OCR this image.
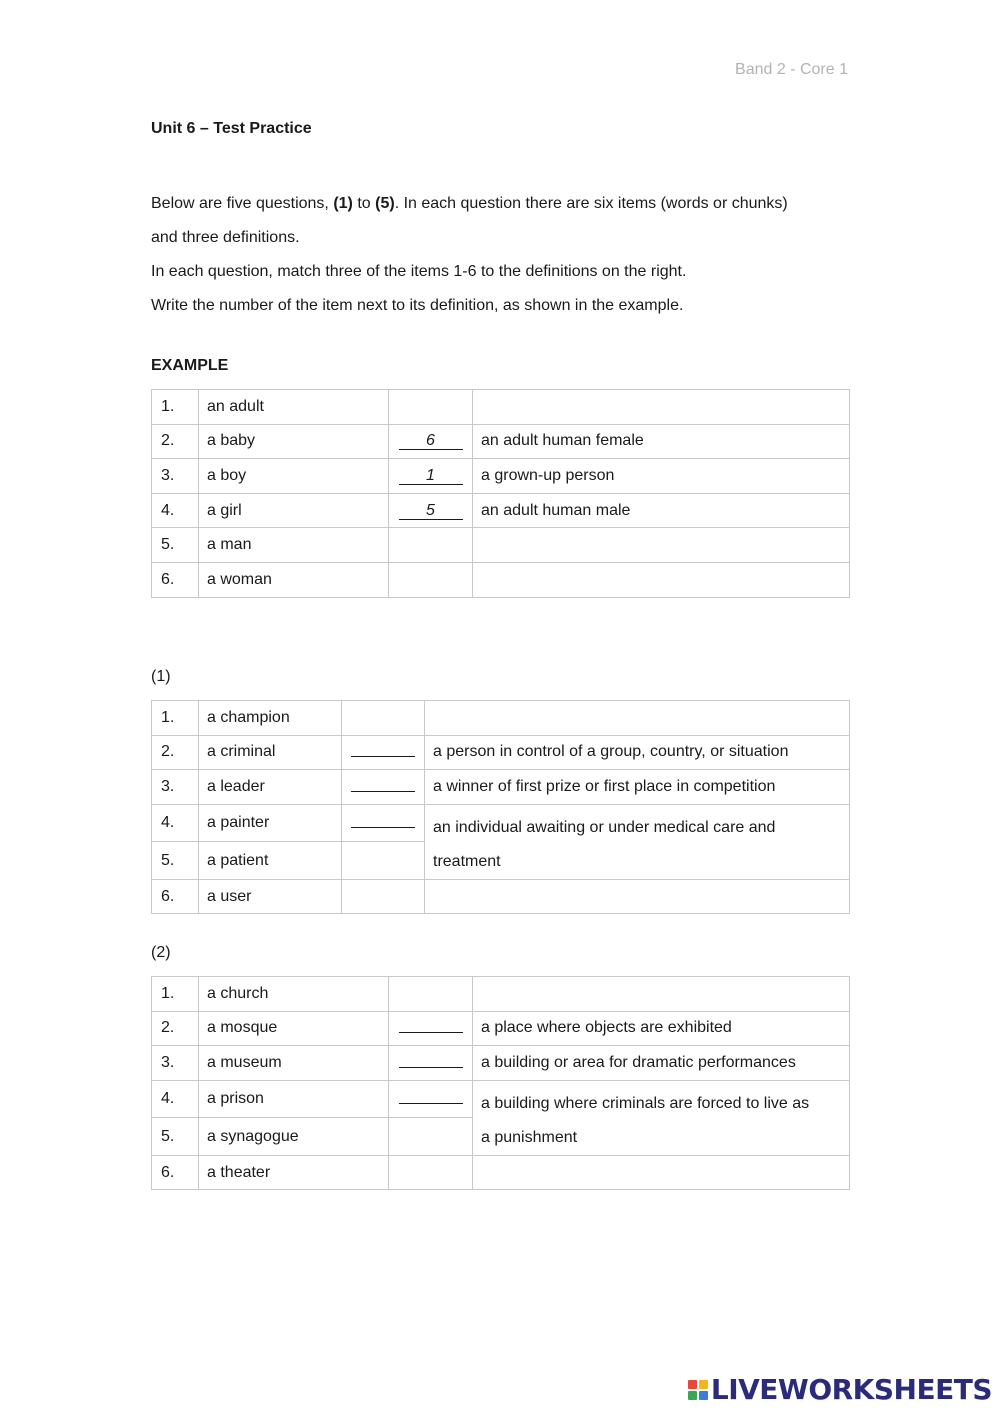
Band 2 - Core 1
Unit 6 – Test Practice

Below are five questions, (1) to (5). In each question there are six items (words or chunks)

and three definitions.

In each question, match three of the items 1-6 to the definitions on the right.

Write the number of the item next to its definition, as shown in the example.

EXAMPLE
1.	an adult		
2.	a baby	6	an adult human female
3.	a boy	1	a grown-up person
4.	a girl	5	an adult human male
5.	a man		
6.	a woman		
(1)
1.	a champion		
2.	a criminal		a person in control of a group, country, or situation
3.	a leader		a winner of first prize or first place in competition
4.	a painter		an individual awaiting or under medical care and
treatment

5.	a patient		
6.	a user		
(2)
1.	a church		
2.	a mosque		a place where objects are exhibited
3.	a museum		a building or area for dramatic performances
4.	a prison		a building where criminals are forced to live as
a punishment

5.	a synagogue		
6.	a theater		
LIVEWORKSHEETS
